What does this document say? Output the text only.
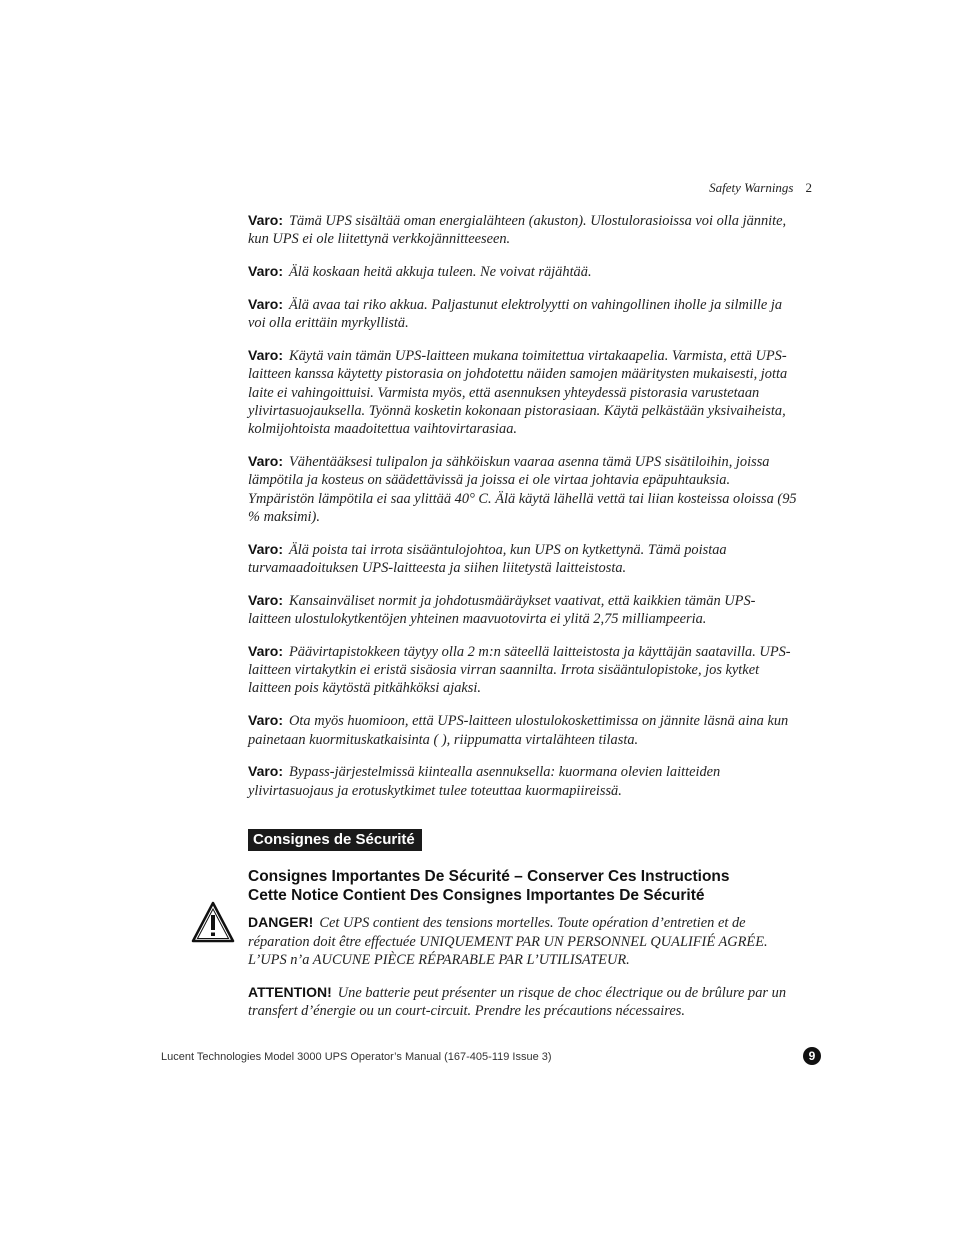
Safety Warnings 2

Varo: Tämä UPS sisältää oman energialähteen (akuston). Ulostulorasioissa voi olla jännite, kun UPS ei ole liitettynä verkkojännitteeseen.

Varo: Älä koskaan heitä akkuja tuleen. Ne voivat räjähtää.

Varo: Älä avaa tai riko akkua. Paljastunut elektrolyytti on vahingollinen iholle ja silmille ja voi olla erittäin myrkyllistä.

Varo: Käytä vain tämän UPS-laitteen mukana toimitettua virtakaapelia. Varmista, että UPS-laitteen kanssa käytetty pistorasia on johdotettu näiden samojen määritysten mukaisesti, jotta laite ei vahingoittuisi. Varmista myös, että asennuksen yhteydessä pistorasia varustetaan ylivirtasuojauksella. Työnnä kosketin kokonaan pistorasiaan. Käytä pelkästään yksivaiheista, kolmijohtoista maadoitettua vaihtovirtarasiaa.

Varo: Vähentääksesi tulipalon ja sähköiskun vaaraa asenna tämä UPS sisätiloihin, joissa lämpötila ja kosteus on säädettävissä ja joissa ei ole virtaa johtavia epäpuhtauksia. Ympäristön lämpötila ei saa ylittää 40° C. Älä käytä lähellä vettä tai liian kosteissa oloissa (95 % maksimi).

Varo: Älä poista tai irrota sisääntulojohtoa, kun UPS on kytkettynä. Tämä poistaa turvamaadoituksen UPS-laitteesta ja siihen liitetystä laitteistosta.

Varo: Kansainväliset normit ja johdotusmääräykset vaativat, että kaikkien tämän UPS-laitteen ulostulokytkentöjen yhteinen maavuotovirta ei ylitä 2,75 milliampeeria.

Varo: Päävirtapistokkeen täytyy olla 2 m:n säteellä laitteistosta ja käyttäjän saatavilla. UPS-laitteen virtakytkin ei eristä sisäosia virran saannilta. Irrota sisääntulopistoke, jos kytket laitteen pois käytöstä pitkähköksi ajaksi.

Varo: Ota myös huomioon, että UPS-laitteen ulostulokoskettimissa on jännite läsnä aina kun painetaan kuormituskatkaisinta ( ), riippumatta virtalähteen tilasta.

Varo: Bypass-järjestelmissä kiintealla asennuksella: kuormana olevien laitteiden ylivirtasuojaus ja erotuskytkimet tulee toteuttaa kuormapiireissä.

Consignes de Sécurité
Consignes Importantes De Sécurité – Conserver Ces Instructions
Cette Notice Contient Des Consignes Importantes De Sécurité

DANGER! Cet UPS contient des tensions mortelles. Toute opération d’entretien et de réparation doit être effectuée UNIQUEMENT PAR UN PERSONNEL QUALIFIÉ AGRÉE. L’UPS n’a AUCUNE PIÈCE RÉPARABLE PAR L’UTILISATEUR.

ATTENTION! Une batterie peut présenter un risque de choc électrique ou de brûlure par un transfert d’énergie ou un court-circuit. Prendre les précautions nécessaires.

Lucent Technologies Model 3000 UPS Operator’s Manual (167-405-119 Issue 3)	9
